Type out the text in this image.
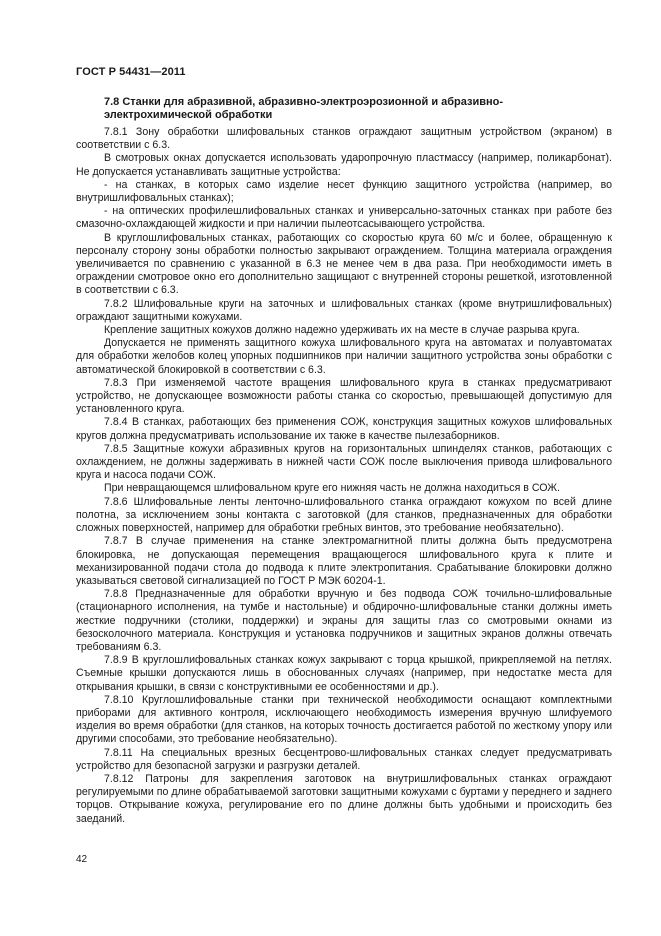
ГОСТ Р 54431—2011
7.8 Станки для абразивной, абразивно-электроэрозионной и абразивно-электрохимической обработки

7.8.1 Зону обработки шлифовальных станков ограждают защитным устройством (экраном) в соответствии с 6.3.

В смотровых окнах допускается использовать ударопрочную пластмассу (например, поликарбонат). Не допускается устанавливать защитные устройства:

- на станках, в которых само изделие несет функцию защитного устройства (например, во внутришлифовальных станках);

- на оптических профилешлифовальных станках и универсально-заточных станках при работе без смазочно-охлаждающей жидкости и при наличии пылеотсасывающего устройства.

В круглошлифовальных станках, работающих со скоростью круга 60 м/с и более, обращенную к персоналу сторону зоны обработки полностью закрывают ограждением. Толщина материала ограждения увеличивается по сравнению с указанной в 6.3 не менее чем в два раза. При необходимости иметь в ограждении смотровое окно его дополнительно защищают с внутренней стороны решеткой, изготовленной в соответствии с 6.3.

7.8.2 Шлифовальные круги на заточных и шлифовальных станках (кроме внутришлифовальных) ограждают защитными кожухами.

Крепление защитных кожухов должно надежно удерживать их на месте в случае разрыва круга.

Допускается не применять защитного кожуха шлифовального круга на автоматах и полуавтоматах для обработки желобов колец упорных подшипников при наличии защитного устройства зоны обработки с автоматической блокировкой в соответствии с 6.3.

7.8.3 При изменяемой частоте вращения шлифовального круга в станках предусматривают устройство, не допускающее возможности работы станка со скоростью, превышающей допустимую для установленного круга.

7.8.4 В станках, работающих без применения СОЖ, конструкция защитных кожухов шлифовальных кругов должна предусматривать использование их также в качестве пылезаборников.

7.8.5 Защитные кожухи абразивных кругов на горизонтальных шпинделях станков, работающих с охлаждением, не должны задерживать в нижней части СОЖ после выключения привода шлифовального круга и насоса подачи СОЖ.

При невращающемся шлифовальном круге его нижняя часть не должна находиться в СОЖ.

7.8.6 Шлифовальные ленты ленточно-шлифовального станка ограждают кожухом по всей длине полотна, за исключением зоны контакта с заготовкой (для станков, предназначенных для обработки сложных поверхностей, например для обработки гребных винтов, это требование необязательно).

7.8.7 В случае применения на станке электромагнитной плиты должна быть предусмотрена блокировка, не допускающая перемещения вращающегося шлифовального круга к плите и механизированной подачи стола до подвода к плите электропитания. Срабатывание блокировки должно указываться световой сигнализацией по ГОСТ Р МЭК 60204-1.

7.8.8 Предназначенные для обработки вручную и без подвода СОЖ точильно-шлифовальные (стационарного исполнения, на тумбе и настольные) и обдирочно-шлифовальные станки должны иметь жесткие подручники (столики, поддержки) и экраны для защиты глаз со смотровыми окнами из безосколочного материала. Конструкция и установка подручников и защитных экранов должны отвечать требованиям 6.3.

7.8.9 В круглошлифовальных станках кожух закрывают с торца крышкой, прикрепляемой на петлях. Съемные крышки допускаются лишь в обоснованных случаях (например, при недостатке места для открывания крышки, в связи с конструктивными ее особенностями и др.).

7.8.10 Круглошлифовальные станки при технической необходимости оснащают комплектными приборами для активного контроля, исключающего необходимость измерения вручную шлифуемого изделия во время обработки (для станков, на которых точность достигается работой по жесткому упору или другими способами, это требование необязательно).

7.8.11 На специальных врезных бесцентрово-шлифовальных станках следует предусматривать устройство для безопасной загрузки и разгрузки деталей.

7.8.12 Патроны для закрепления заготовок на внутришлифовальных станках ограждают регулируемыми по длине обрабатываемой заготовки защитными кожухами с буртами у переднего и заднего торцов. Открывание кожуха, регулирование его по длине должны быть удобными и происходить без заеданий.

42
